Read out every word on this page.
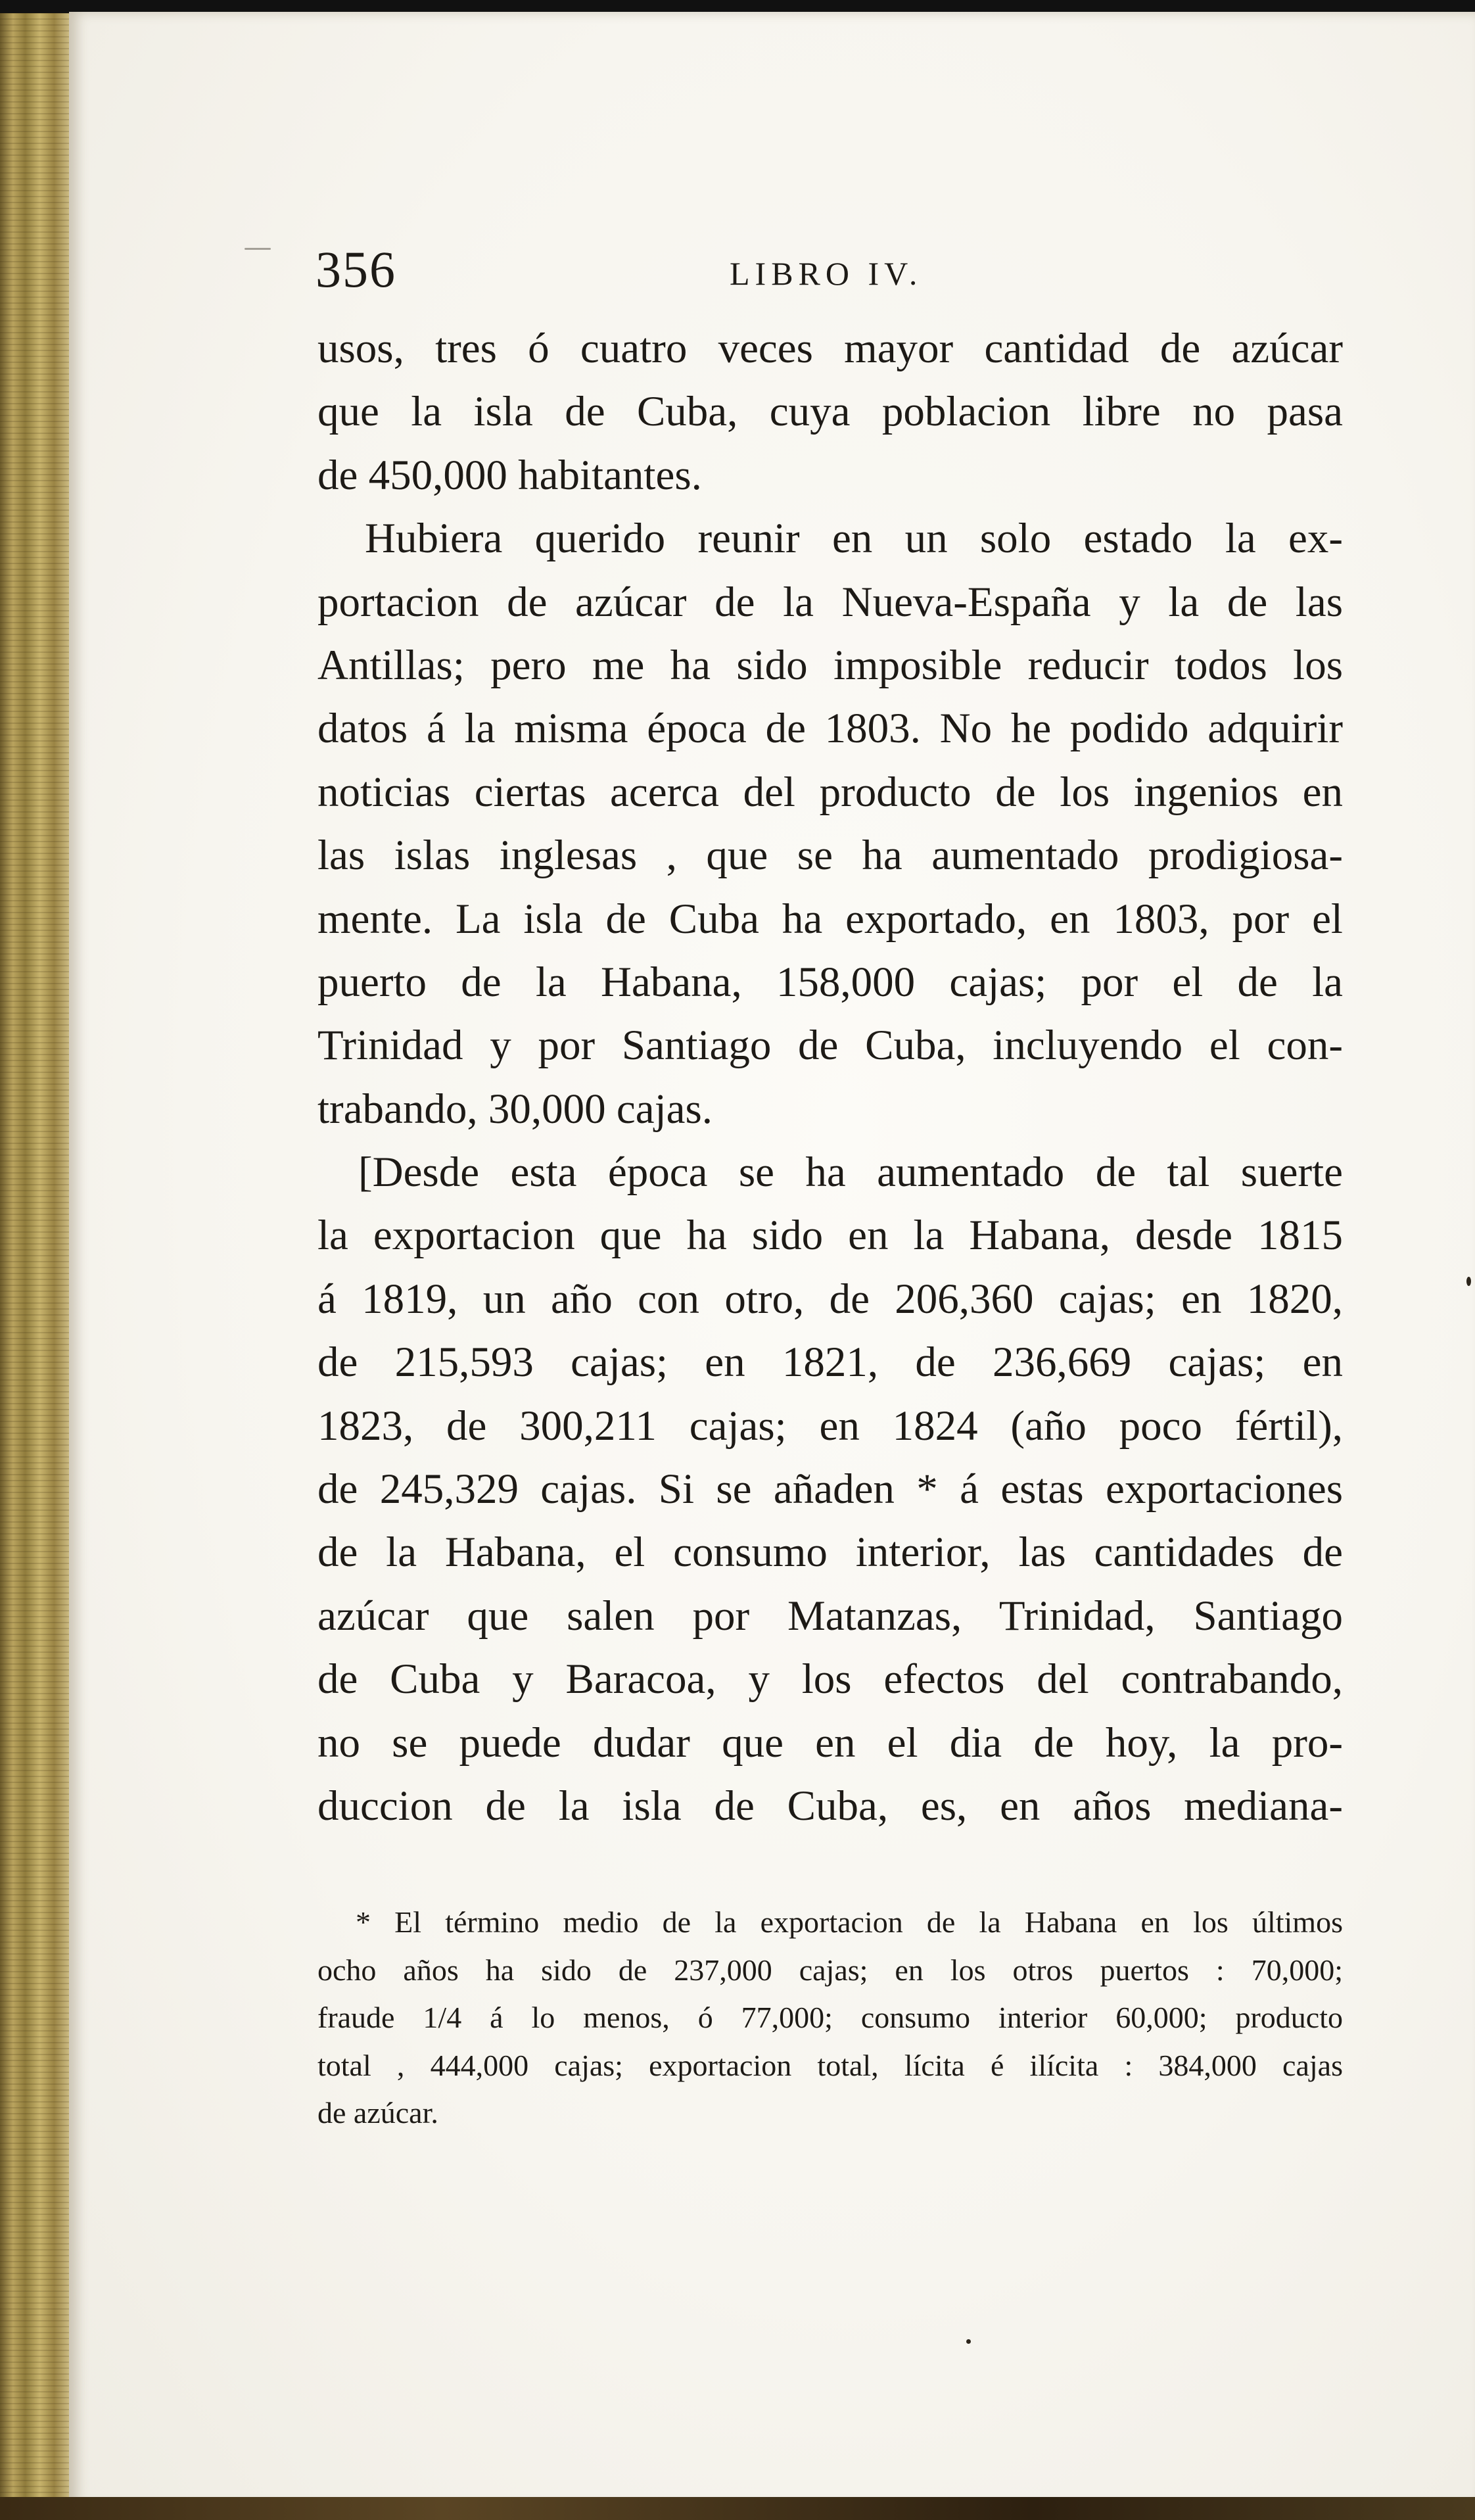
356	LIBRO IV.
usos, tres ó cuatro veces mayor cantidad de azúcar
que la isla de Cuba, cuya poblacion libre no pasa
de 450,000 habitantes.
Hubiera querido reunir en un solo estado la ex-
portacion de azúcar de la Nueva-España y la de las
Antillas; pero me ha sido imposible reducir todos los
datos á la misma época de 1803. No he podido adquirir
noticias ciertas acerca del producto de los ingenios en
las islas inglesas , que se ha aumentado prodigiosa-
mente. La isla de Cuba ha exportado, en 1803, por el
puerto de la Habana, 158,000 cajas; por el de la
Trinidad y por Santiago de Cuba, incluyendo el con-
trabando, 30,000 cajas.
[Desde esta época se ha aumentado de tal suerte
la exportacion que ha sido en la Habana, desde 1815
á 1819, un año con otro, de 206,360 cajas; en 1820,
de 215,593 cajas; en 1821, de 236,669 cajas; en
1823, de 300,211 cajas; en 1824 (año poco fértil),
de 245,329 cajas. Si se añaden * á estas exportaciones
de la Habana, el consumo interior, las cantidades de
azúcar que salen por Matanzas, Trinidad, Santiago
de Cuba y Baracoa, y los efectos del contrabando,
no se puede dudar que en el dia de hoy, la pro-
duccion de la isla de Cuba, es, en años mediana-
* El término medio de la exportacion de la Habana en los últimos
ocho años ha sido de 237,000 cajas; en los otros puertos : 70,000;
fraude 1/4 á lo menos, ó 77,000; consumo interior 60,000; producto
total , 444,000 cajas; exportacion total, lícita é ilícita : 384,000 cajas
de azúcar.
